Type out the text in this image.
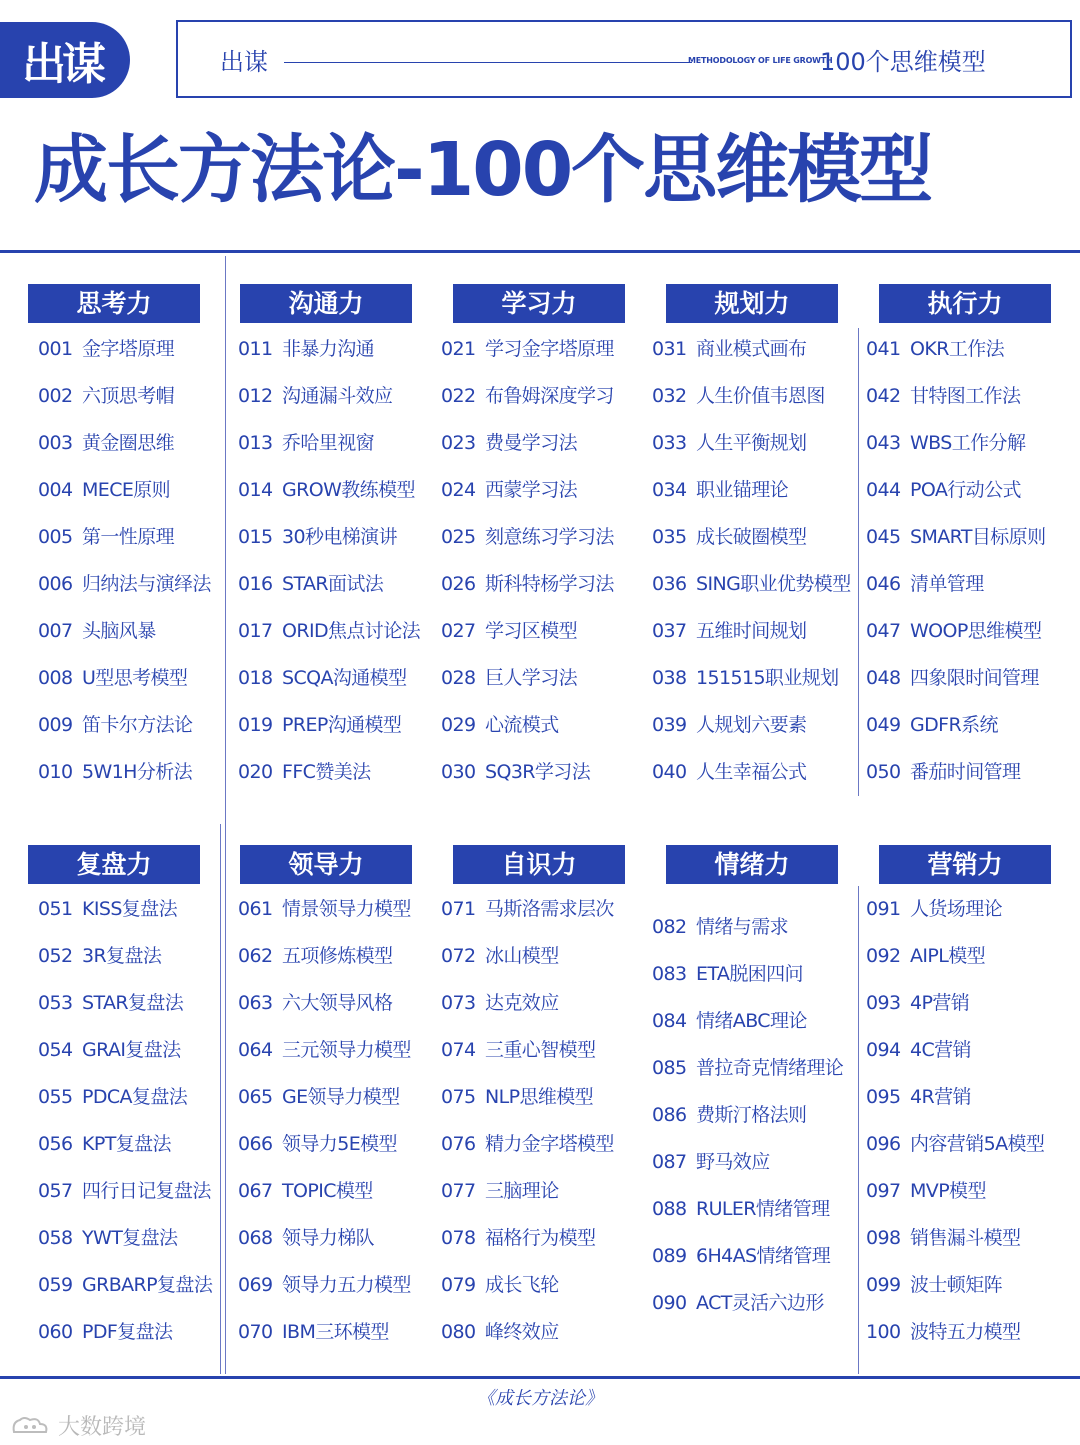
出谋	出谋	METHODOLOGY OF LIFE GROWTH
100个思维模型
成长方法论-100个思维模型
思考力
001 金字塔原理
002 六顶思考帽
003 黄金圈思维
004 MECE原则
005 第一性原理
006 归纳法与演绎法
007 头脑风暴
008 U型思考模型
009 笛卡尔方法论
010 5W1H分析法
沟通力
011 非暴力沟通
012 沟通漏斗效应
013 乔哈里视窗
014 GROW教练模型
015 30秒电梯演讲
016 STAR面试法
017 ORID焦点讨论法
018 SCQA沟通模型
019 PREP沟通模型
020 FFC赞美法
学习力
021 学习金字塔原理
022 布鲁姆深度学习
023 费曼学习法
024 西蒙学习法
025 刻意练习学习法
026 斯科特杨学习法
027 学习区模型
028 巨人学习法
029 心流模式
030 SQ3R学习法
规划力
031 商业模式画布
032 人生价值韦恩图
033 人生平衡规划
034 职业锚理论
035 成长破圈模型
036 SING职业优势模型
037 五维时间规划
038 151515职业规划
039 人规划六要素
040 人生幸福公式
执行力
041 OKR工作法
042 甘特图工作法
043 WBS工作分解
044 POA行动公式
045 SMART目标原则
046 清单管理
047 WOOP思维模型
048 四象限时间管理
049 GDFR系统
050 番茄时间管理
复盘力
051 KISS复盘法
052 3R复盘法
053 STAR复盘法
054 GRAI复盘法
055 PDCA复盘法
056 KPT复盘法
057 四行日记复盘法
058 YWT复盘法
059 GRBARP复盘法
060 PDF复盘法
领导力
061 情景领导力模型
062 五项修炼模型
063 六大领导风格
064 三元领导力模型
065 GE领导力模型
066 领导力5E模型
067 TOPIC模型
068 领导力梯队
069 领导力五力模型
070 IBM三环模型
自识力
071 马斯洛需求层次
072 冰山模型
073 达克效应
074 三重心智模型
075 NLP思维模型
076 精力金字塔模型
077 三脑理论
078 福格行为模型
079 成长飞轮
080 峰终效应
情绪力
082 情绪与需求
083 ETA脱困四问
084 情绪ABC理论
085 普拉奇克情绪理论
086 费斯汀格法则
087 野马效应
088 RULER情绪管理
089 6H4AS情绪管理
090 ACT灵活六边形
营销力
091 人货场理论
092 AIPL模型
093 4P营销
094 4C营销
095 4R营销
096 内容营销5A模型
097 MVP模型
098 销售漏斗模型
099 波士顿矩阵
100 波特五力模型
《成长方法论》
大数跨境
